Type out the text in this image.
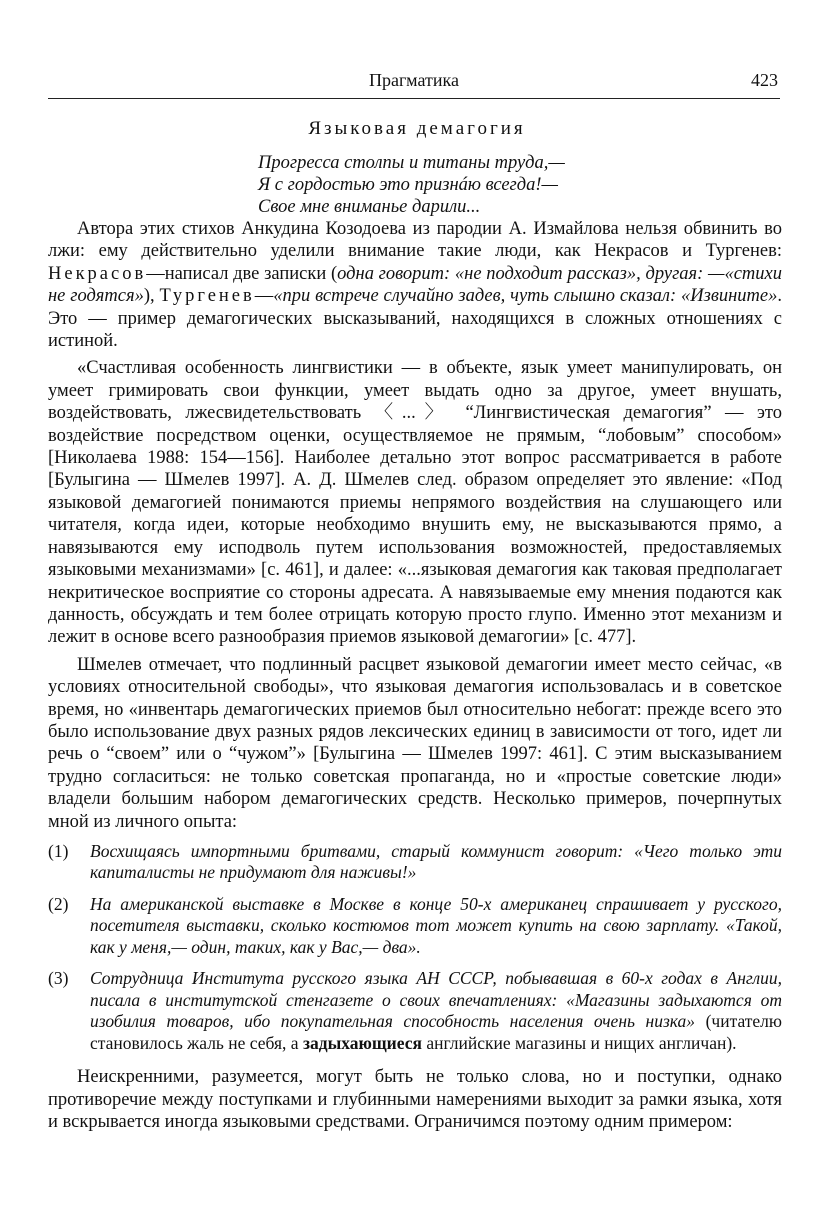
Прагматика	423
Языковая демагогия
Прогресса столпы и титаны труда,—
Я с гордостью это признáю всегда!—
Свое мне вниманье дарили...

Автора этих стихов Анкудина Козодоева из пародии А. Измайлова нельзя обвинить во лжи: ему действительно уделили внимание такие люди, как Некрасов и Тургенев: Некрасов—написал две записки (одна говорит: «не подходит рассказ», другая: —«стихи не годятся»), Тургенев—«при встрече случайно задев, чуть слышно сказал: «Извините». Это — пример демагогических высказываний, находящихся в сложных отношениях с истиной.

«Счастливая особенность лингвистики — в объекте, язык умеет манипулировать, он умеет гримировать свои функции, умеет выдать одно за другое, умеет внушать, воздействовать, лжесвидетельствовать 〈...〉 “Лингвистическая демагогия” — это воздействие посредством оценки, осуществляемое не прямым, “лобовым” способом» [Николаева 1988: 154—156]. Наиболее детально этот вопрос рассматривается в работе [Булыгина — Шмелев 1997]. А. Д. Шмелев след. образом определяет это явление: «Под языковой демагогией понимаются приемы непрямого воздействия на слушающего или читателя, когда идеи, которые необходимо внушить ему, не высказываются прямо, а навязываются ему исподволь путем использования возможностей, предоставляемых языковыми механизмами» [с. 461], и далее: «...языковая демагогия как таковая предполагает некритическое восприятие со стороны адресата. А навязываемые ему мнения подаются как данность, обсуждать и тем более отрицать которую просто глупо. Именно этот механизм и лежит в основе всего разнообразия приемов языковой демагогии» [с. 477].

Шмелев отмечает, что подлинный расцвет языковой демагогии имеет место сейчас, «в условиях относительной свободы», что языковая демагогия использовалась и в советское время, но «инвентарь демагогических приемов был относительно небогат: прежде всего это было использование двух разных рядов лексических единиц в зависимости от того, идет ли речь о “своем” или о “чужом”» [Булыгина — Шмелев 1997: 461]. С этим высказыванием трудно согласиться: не только советская пропаганда, но и «простые советские люди» владели большим набором демагогических средств. Несколько примеров, почерпнутых мной из личного опыта:

(1) Восхищаясь импортными бритвами, старый коммунист говорит: «Чего только эти капиталисты не придумают для наживы!»
(2) На американской выставке в Москве в конце 50-х американец спрашивает у русского, посетителя выставки, сколько костюмов тот может купить на свою зарплату. «Такой, как у меня,— один, таких, как у Вас,— два».
(3) Сотрудница Института русского языка АН СССР, побывавшая в 60-х годах в Англии, писала в институтской стенгазете о своих впечатлениях: «Магазины задыхаются от изобилия товаров, ибо покупательная способность населения очень низка» (читателю становилось жаль не себя, а задыхающиеся английские магазины и нищих англичан).

Неискренними, разумеется, могут быть не только слова, но и поступки, однако противоречие между поступками и глубинными намерениями выходит за рамки языка, хотя и вскрывается иногда языковыми средствами. Ограничимся поэтому одним примером:
